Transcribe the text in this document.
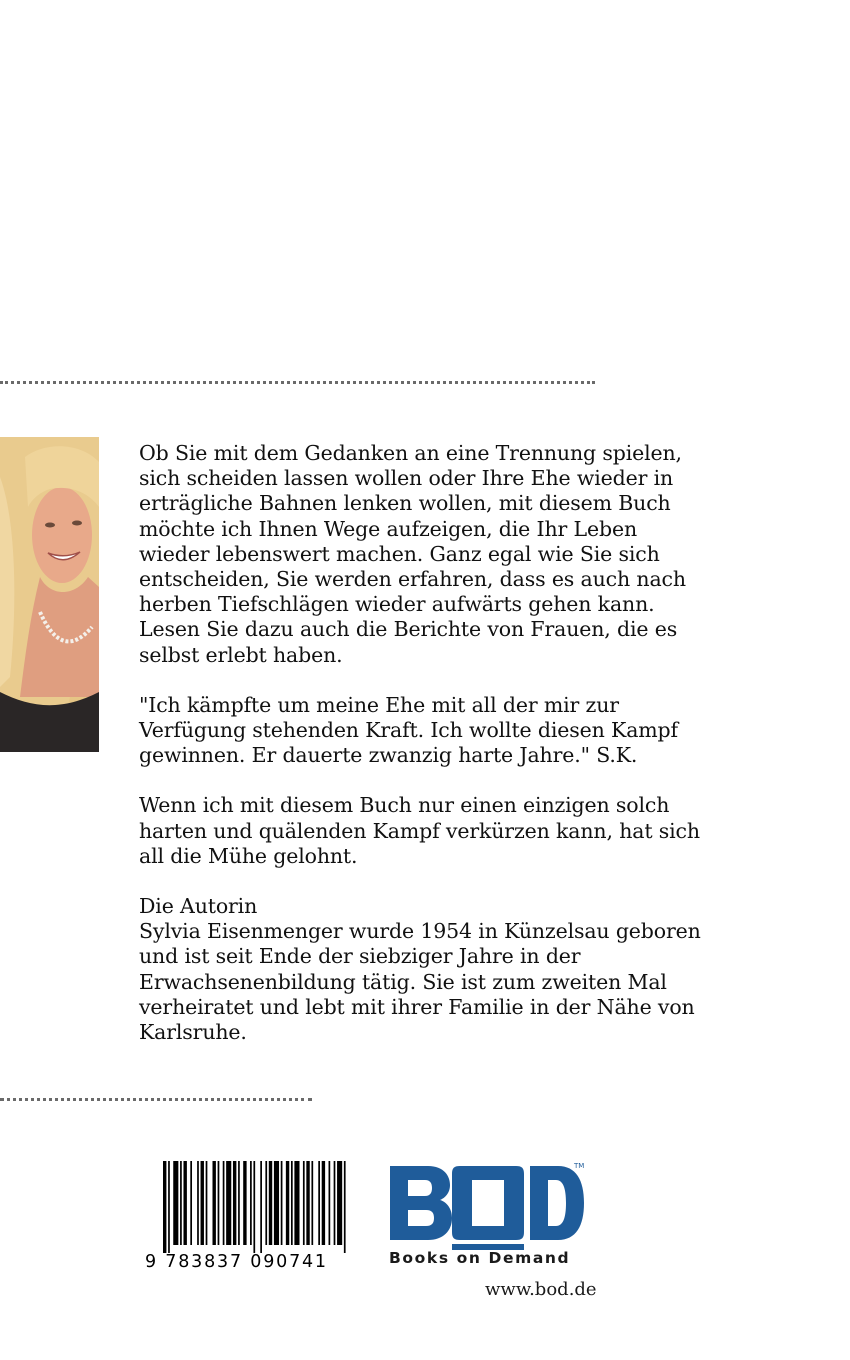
Ob Sie mit dem Gedanken an eine Trennung spielen,
sich scheiden lassen wollen oder Ihre Ehe wieder in
erträgliche Bahnen lenken wollen, mit diesem Buch
möchte ich Ihnen Wege aufzeigen, die Ihr Leben
wieder lebenswert machen. Ganz egal wie Sie sich
entscheiden, Sie werden erfahren, dass es auch nach
herben Tiefschlägen wieder aufwärts gehen kann.
Lesen Sie dazu auch die Berichte von Frauen, die es
selbst erlebt haben.

"Ich kämpfte um meine Ehe mit all der mir zur
Verfügung stehenden Kraft. Ich wollte diesen Kampf
gewinnen. Er dauerte zwanzig harte Jahre." S.K.

Wenn ich mit diesem Buch nur einen einzigen solch
harten und quälenden Kampf verkürzen kann, hat sich
all die Mühe gelohnt.

Die Autorin
Sylvia Eisenmenger wurde 1954 in Künzelsau geboren
und ist seit Ende der siebziger Jahre in der
Erwachsenenbildung tätig. Sie ist zum zweiten Mal
verheiratet und lebt mit ihrer Familie in der Nähe von
Karlsruhe.

9 783837 090741
TM
Books on Demand
www.bod.de
